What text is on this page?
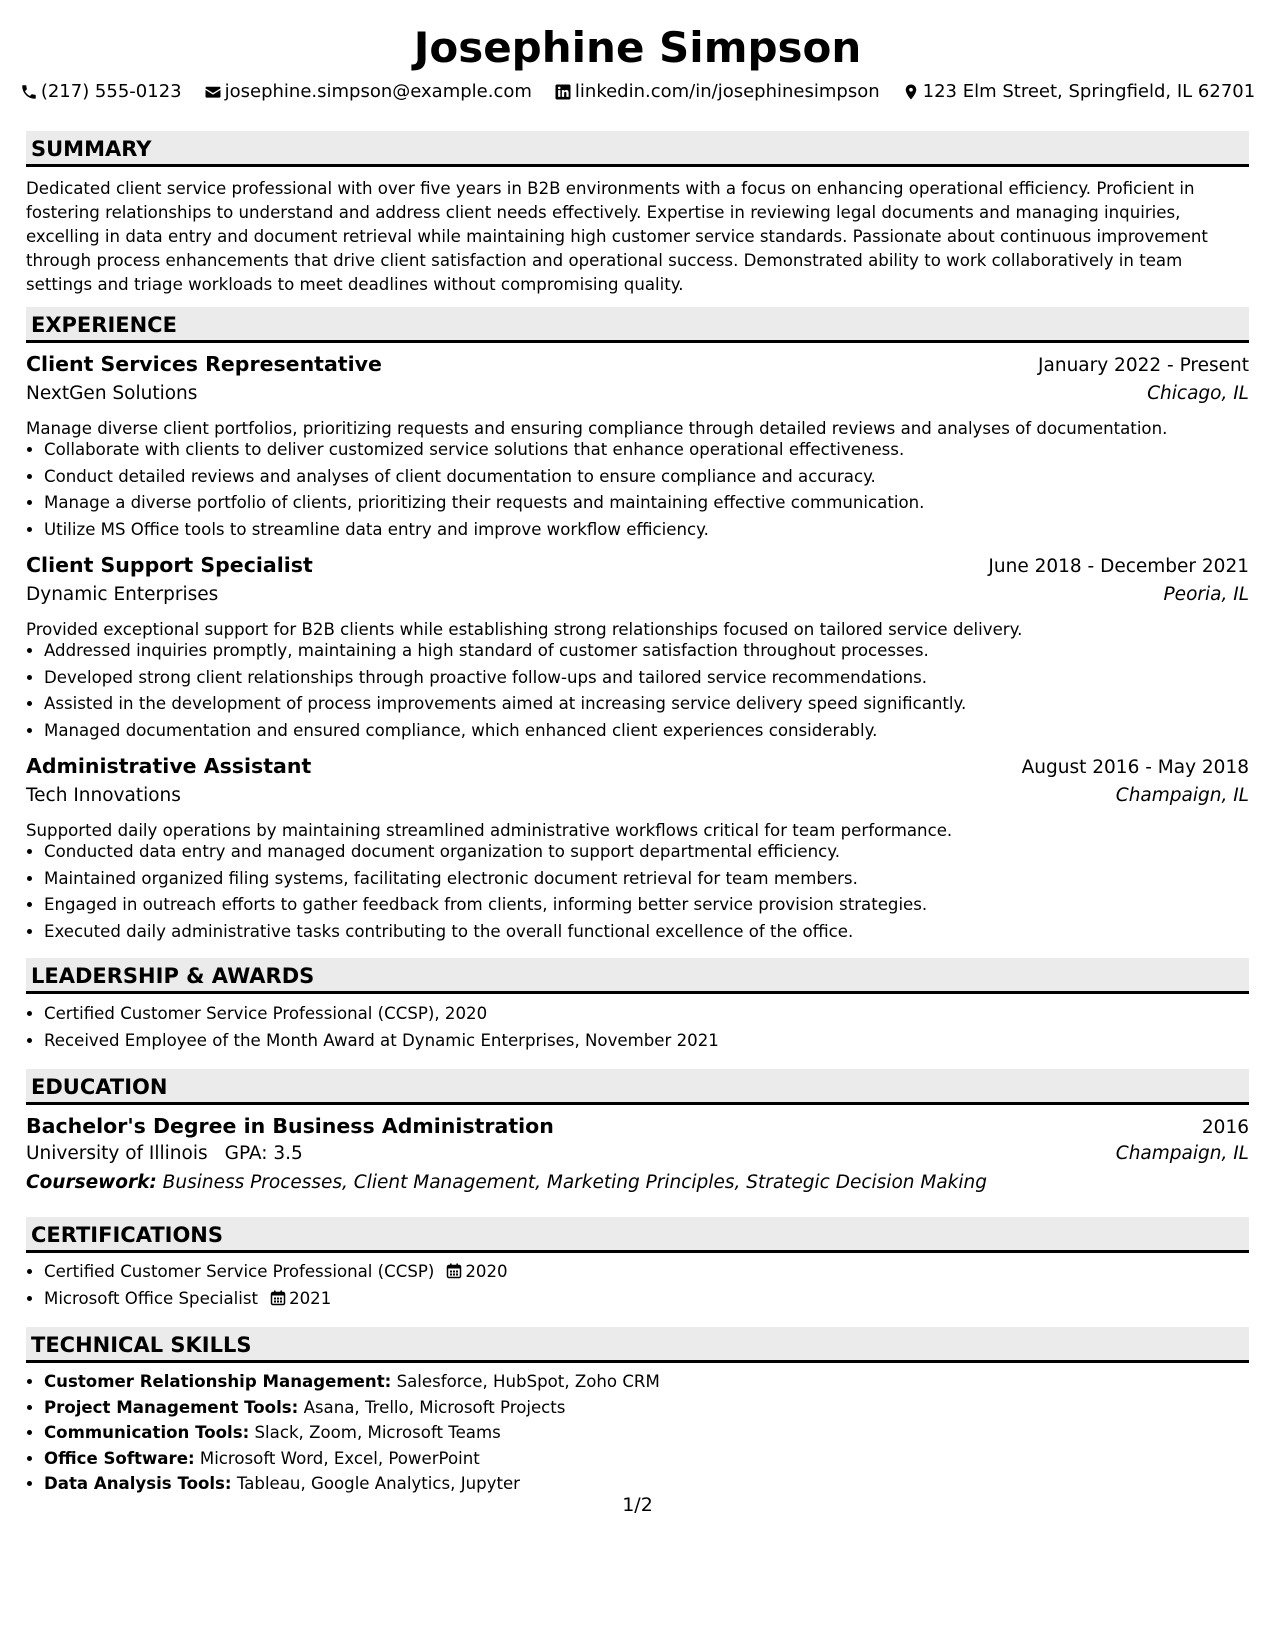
Josephine Simpson
(217) 555-0123 josephine.simpson@example.com linkedin.com/in/josephinesimpson 123 Elm Street, Springfield, IL 62701
SUMMARY
Dedicated client service professional with over five years in B2B environments with a focus on enhancing operational efficiency. Proficient in
fostering relationships to understand and address client needs effectively. Expertise in reviewing legal documents and managing inquiries,
excelling in data entry and document retrieval while maintaining high customer service standards. Passionate about continuous improvement
through process enhancements that drive client satisfaction and operational success. Demonstrated ability to work collaboratively in team
settings and triage workloads to meet deadlines without compromising quality.
EXPERIENCE
Client Services Representative	January 2022 - Present
NextGen Solutions	Chicago, IL
Manage diverse client portfolios, prioritizing requests and ensuring compliance through detailed reviews and analyses of documentation.
• Collaborate with clients to deliver customized service solutions that enhance operational effectiveness.
• Conduct detailed reviews and analyses of client documentation to ensure compliance and accuracy.
• Manage a diverse portfolio of clients, prioritizing their requests and maintaining effective communication.
• Utilize MS Office tools to streamline data entry and improve workflow efficiency.
Client Support Specialist	June 2018 - December 2021
Dynamic Enterprises	Peoria, IL
Provided exceptional support for B2B clients while establishing strong relationships focused on tailored service delivery.
• Addressed inquiries promptly, maintaining a high standard of customer satisfaction throughout processes.
• Developed strong client relationships through proactive follow-ups and tailored service recommendations.
• Assisted in the development of process improvements aimed at increasing service delivery speed significantly.
• Managed documentation and ensured compliance, which enhanced client experiences considerably.
Administrative Assistant	August 2016 - May 2018
Tech Innovations	Champaign, IL
Supported daily operations by maintaining streamlined administrative workflows critical for team performance.
• Conducted data entry and managed document organization to support departmental efficiency.
• Maintained organized filing systems, facilitating electronic document retrieval for team members.
• Engaged in outreach efforts to gather feedback from clients, informing better service provision strategies.
• Executed daily administrative tasks contributing to the overall functional excellence of the office.
LEADERSHIP & AWARDS
• Certified Customer Service Professional (CCSP), 2020
• Received Employee of the Month Award at Dynamic Enterprises, November 2021
EDUCATION
Bachelor's Degree in Business Administration	2016
University of Illinois GPA: 3.5	Champaign, IL
Coursework: Business Processes, Client Management, Marketing Principles, Strategic Decision Making
CERTIFICATIONS
• Certified Customer Service Professional (CCSP) 2020
• Microsoft Office Specialist 2021
TECHNICAL SKILLS
• Customer Relationship Management: Salesforce, HubSpot, Zoho CRM
• Project Management Tools: Asana, Trello, Microsoft Projects
• Communication Tools: Slack, Zoom, Microsoft Teams
• Office Software: Microsoft Word, Excel, PowerPoint
• Data Analysis Tools: Tableau, Google Analytics, Jupyter
1/2
